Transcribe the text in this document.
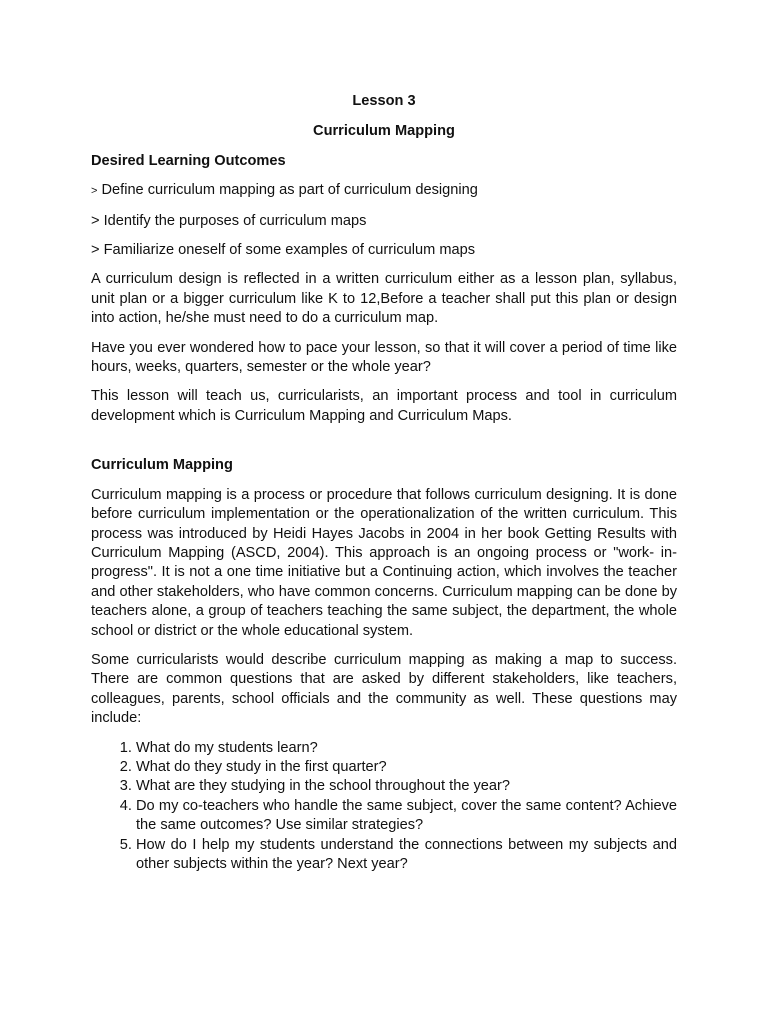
Lesson 3
Curriculum Mapping
Desired Learning Outcomes
> Define curriculum mapping as part of curriculum designing
> Identify the purposes of curriculum maps
> Familiarize oneself of some examples of curriculum maps

A curriculum design is reflected in a written curriculum either as a lesson plan, syllabus, unit plan or a bigger curriculum like K to 12,Before a teacher shall put this plan or design into action, he/she must need to do a curriculum map.

Have you ever wondered how to pace your lesson, so that it will cover a period of time like hours, weeks, quarters, semester or the whole year?

This lesson will teach us, curricularists, an important process and tool in curriculum development which is Curriculum Mapping and Curriculum Maps.

Curriculum Mapping

Curriculum mapping is a process or procedure that follows curriculum designing. It is done before curriculum implementation or the operationalization of the written curriculum. This process was introduced by Heidi Hayes Jacobs in 2004 in her book Getting Results with Curriculum Mapping (ASCD, 2004). This approach is an ongoing process or "work- in- progress". It is not a one time initiative but a Continuing action, which involves the teacher and other stakeholders, who have common concerns. Curriculum mapping can be done by teachers alone, a group of teachers teaching the same subject, the department, the whole school or district or the whole educational system.

Some curricularists would describe curriculum mapping as making a map to success. There are common questions that are asked by different stakeholders, like teachers, colleagues, parents, school officials and the community as well. These questions may include:

1. What do my students learn?
2. What do they study in the first quarter?
3. What are they studying in the school throughout the year?
4. Do my co-teachers who handle the same subject, cover the same content? Achieve the same outcomes? Use similar strategies?
5. How do I help my students understand the connections between my subjects and other subjects within the year? Next year?
